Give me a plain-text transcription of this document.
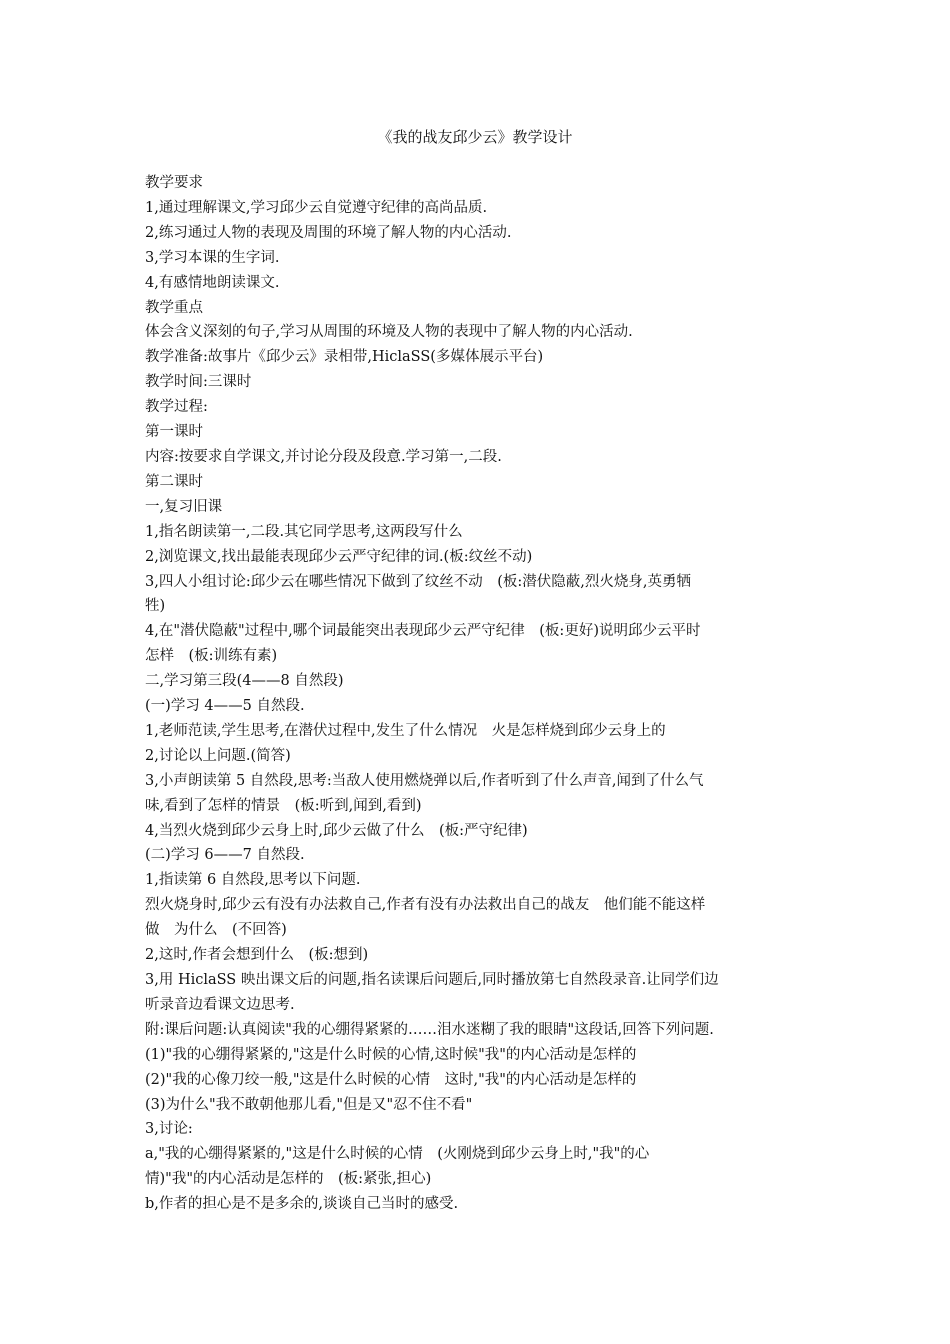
《我的战友邱少云》教学设计

教学要求

1,通过理解课文,学习邱少云自觉遵守纪律的高尚品质.

2,练习通过人物的表现及周围的环境了解人物的内心活动.

3,学习本课的生字词.

4,有感情地朗读课文.

教学重点

体会含义深刻的句子,学习从周围的环境及人物的表现中了解人物的内心活动.

教学准备:故事片《邱少云》录相带,HiclaSS(多媒体展示平台)

教学时间:三课时

教学过程:

第一课时

内容:按要求自学课文,并讨论分段及段意.学习第一,二段.

第二课时

一,复习旧课

1,指名朗读第一,二段.其它同学思考,这两段写什么

2,浏览课文,找出最能表现邱少云严守纪律的词.(板:纹丝不动)

3,四人小组讨论:邱少云在哪些情况下做到了纹丝不动　(板:潜伏隐蔽,烈火烧身,英勇牺

牲)

4,在"潜伏隐蔽"过程中,哪个词最能突出表现邱少云严守纪律　(板:更好)说明邱少云平时

怎样　(板:训练有素)

二,学习第三段(4——8 自然段)

(一)学习 4——5 自然段.

1,老师范读,学生思考,在潜伏过程中,发生了什么情况　火是怎样烧到邱少云身上的

2,讨论以上问题.(简答)

3,小声朗读第 5 自然段,思考:当敌人使用燃烧弹以后,作者听到了什么声音,闻到了什么气

味,看到了怎样的情景　(板:听到,闻到,看到)

4,当烈火烧到邱少云身上时,邱少云做了什么　(板:严守纪律)

(二)学习 6——7 自然段.

1,指读第 6 自然段,思考以下问题.

烈火烧身时,邱少云有没有办法救自己,作者有没有办法救出自己的战友　他们能不能这样

做　为什么　(不回答)

2,这时,作者会想到什么　(板:想到)

3,用 HiclaSS 映出课文后的问题,指名读课后问题后,同时播放第七自然段录音.让同学们边

听录音边看课文边思考.

附:课后问题:认真阅读"我的心绷得紧紧的……泪水迷糊了我的眼睛"这段话,回答下列问题.

(1)"我的心绷得紧紧的,"这是什么时候的心情,这时候"我"的内心活动是怎样的

(2)"我的心像刀绞一般,"这是什么时候的心情　这时,"我"的内心活动是怎样的

(3)为什么"我不敢朝他那儿看,"但是又"忍不住不看"

3,讨论:

a,"我的心绷得紧紧的,"这是什么时候的心情　(火刚烧到邱少云身上时,"我"的心

情)"我"的内心活动是怎样的　(板:紧张,担心)

b,作者的担心是不是多余的,谈谈自己当时的感受.
